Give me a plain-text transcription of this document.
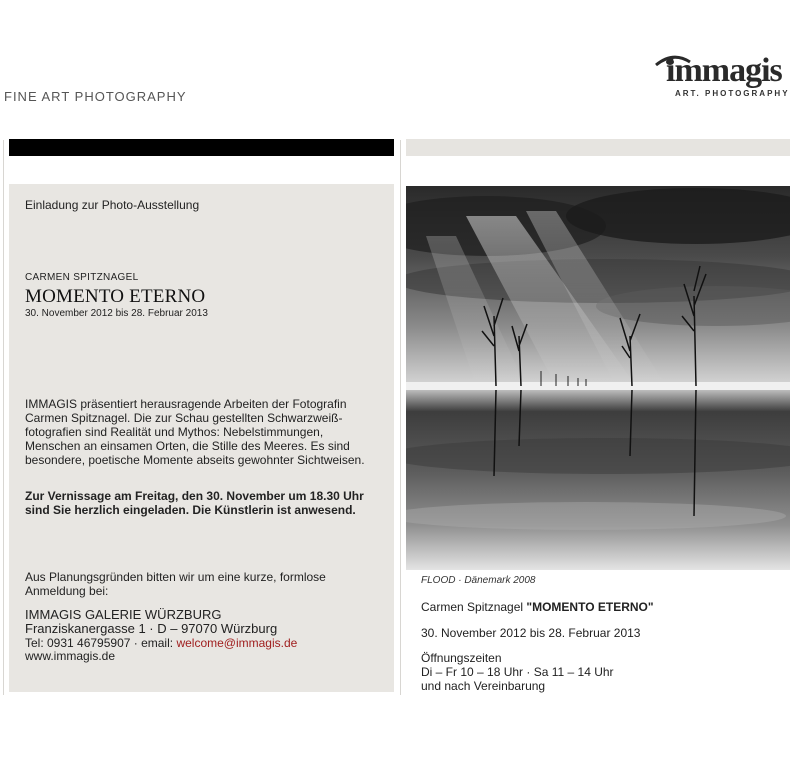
FINE ART PHOTOGRAPHY
immagis
ART. PHOTOGRAPHY
Einladung zur Photo-Ausstellung
CARMEN SPITZNAGEL
MOMENTO ETERNO
30. November 2012 bis 28. Februar 2013
IMMAGIS präsentiert herausragende Arbeiten der Fotografin Carmen Spitznagel. Die zur Schau gestellten Schwarzweiß-fotografien sind Realität und Mythos: Nebelstimmungen, Menschen an einsamen Orten, die Stille des Meeres. Es sind besondere, poetische Momente abseits gewohnter Sichtweisen.
Zur Vernissage am Freitag, den 30. November um 18.30 Uhr sind Sie herzlich eingeladen. Die Künstlerin ist anwesend.
Aus Planungsgründen bitten wir um eine kurze, formlose Anmeldung bei:
IMMAGIS GALERIE WÜRZBURG
Franziskanergasse 1 · D – 97070 Würzburg
Tel: 0931 46795907 · email: welcome@immagis.de
www.immagis.de
FLOOD · Dänemark 2008
Carmen Spitznagel "MOMENTO ETERNO"
30. November 2012 bis 28. Februar 2013
Öffnungszeiten
Di – Fr 10 – 18 Uhr · Sa 11 – 14 Uhr
und nach Vereinbarung
